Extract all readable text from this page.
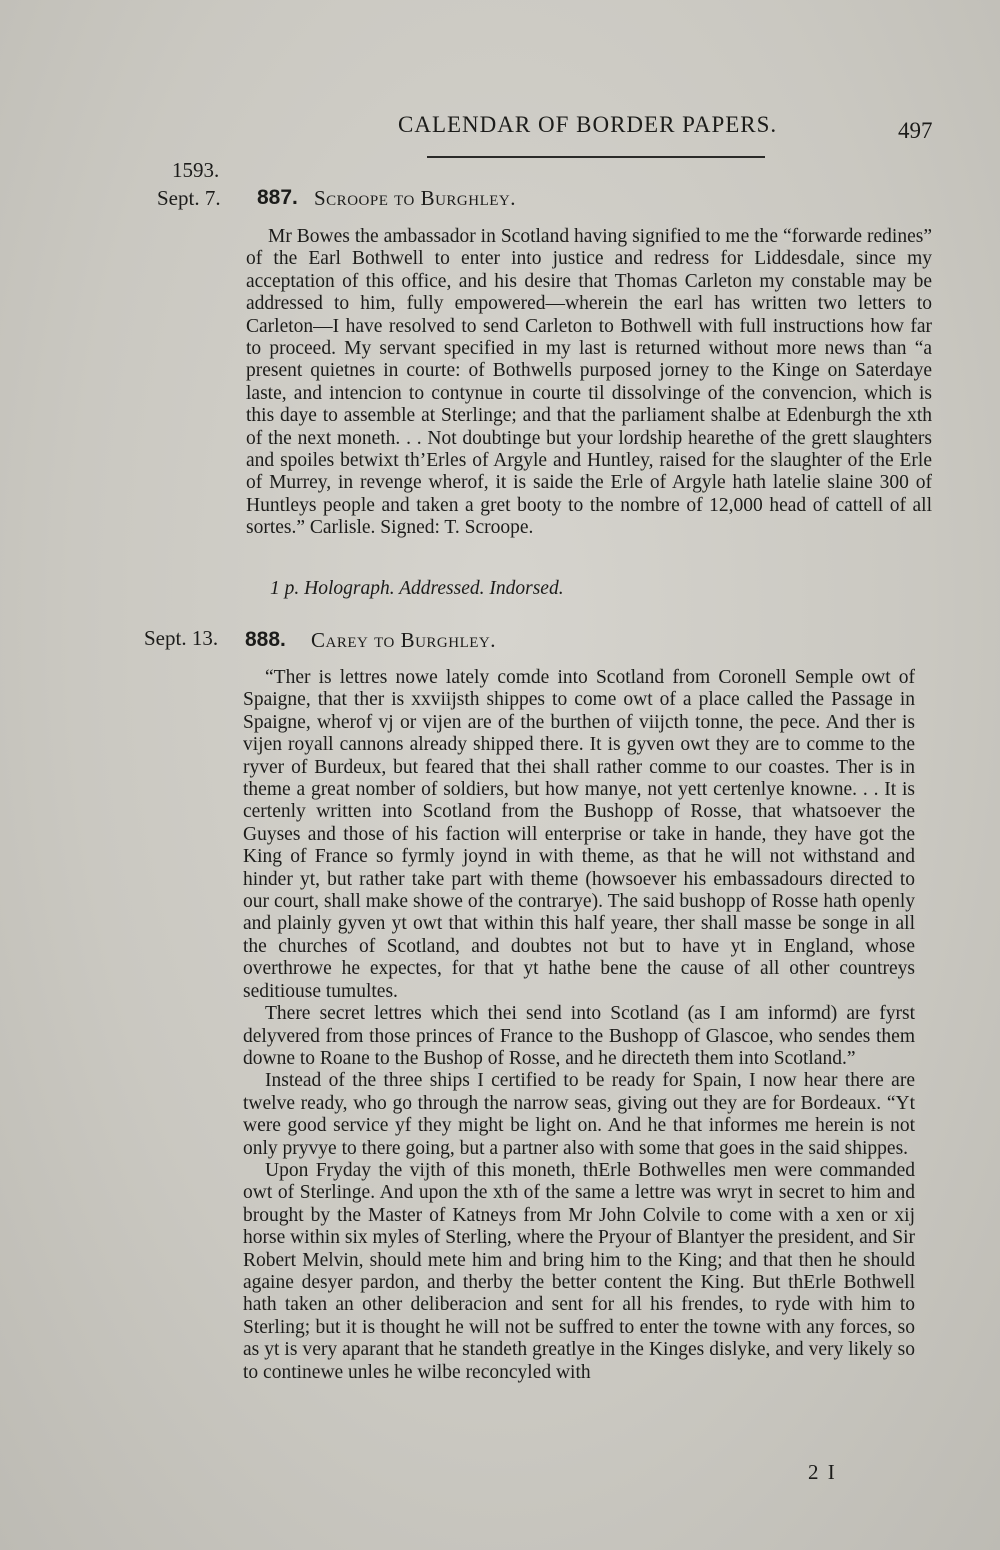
CALENDAR OF BORDER PAPERS.	497
1593.
Sept. 7. 887. Scroope to Burghley.

Mr Bowes the ambassador in Scotland having signified to me the “forwarde redines” of the Earl Bothwell to enter into justice and redress for Liddesdale, since my acceptation of this office, and his desire that Thomas Carleton my constable may be addressed to him, fully empowered—wherein the earl has written two letters to Carleton—I have resolved to send Carleton to Bothwell with full instructions how far to proceed. My servant specified in my last is returned without more news than “a present quietnes in courte: of Bothwells purposed jorney to the Kinge on Saterdaye laste, and intencion to contynue in courte til dissolvinge of the convencion, which is this daye to assemble at Sterlinge; and that the parliament shalbe at Edenburgh the xth of the next moneth. . . Not doubtinge but your lordship hearethe of the grett slaughters and spoiles betwixt th’Erles of Argyle and Huntley, raised for the slaughter of the Erle of Murrey, in revenge wherof, it is saide the Erle of Argyle hath latelie slaine 300 of Huntleys people and taken a gret booty to the nombre of 12,000 head of cattell of all sortes.” Carlisle. Signed: T. Scroope.

1 p. Holograph. Addressed. Indorsed.
Sept. 13. 888. Carey to Burghley.

“Ther is lettres nowe lately comde into Scotland from Coronell Semple owt of Spaigne, that ther is xxviijsth shippes to come owt of a place called the Passage in Spaigne, wherof vj or vijen are of the burthen of viijcth tonne, the pece. And ther is vijen royall cannons already shipped there. It is gyven owt they are to comme to the ryver of Burdeux, but feared that thei shall rather comme to our coastes. Ther is in theme a great nomber of soldiers, but how manye, not yett certenlye knowne. . . It is certenly written into Scotland from the Bushopp of Rosse, that whatsoever the Guyses and those of his faction will enterprise or take in hande, they have got the King of France so fyrmly joynd in with theme, as that he will not withstand and hinder yt, but rather take part with theme (howsoever his embassadours directed to our court, shall make showe of the contrarye). The said bushopp of Rosse hath openly and plainly gyven yt owt that within this half yeare, ther shall masse be songe in all the churches of Scotland, and doubtes not but to have yt in England, whose overthrowe he expectes, for that yt hathe bene the cause of all other countreys seditiouse tumultes.

There secret lettres which thei send into Scotland (as I am informd) are fyrst delyvered from those princes of France to the Bushopp of Glascoe, who sendes them downe to Roane to the Bushop of Rosse, and he directeth them into Scotland.”

Instead of the three ships I certified to be ready for Spain, I now hear there are twelve ready, who go through the narrow seas, giving out they are for Bordeaux. “Yt were good service yf they might be light on. And he that informes me herein is not only pryvye to there going, but a partner also with some that goes in the said shippes.

Upon Fryday the vijth of this moneth, thErle Bothwelles men were commanded owt of Sterlinge. And upon the xth of the same a lettre was wryt in secret to him and brought by the Master of Katneys from Mr John Colvile to come with a xen or xij horse within six myles of Sterling, where the Pryour of Blantyer the president, and Sir Robert Melvin, should mete him and bring him to the King; and that then he should againe desyer pardon, and therby the better content the King. But thErle Bothwell hath taken an other deliberacion and sent for all his frendes, to ryde with him to Sterling; but it is thought he will not be suffred to enter the towne with any forces, so as yt is very aparant that he standeth greatlye in the Kinges dislyke, and very likely so to continewe unles he wilbe reconcyled with

2 I
